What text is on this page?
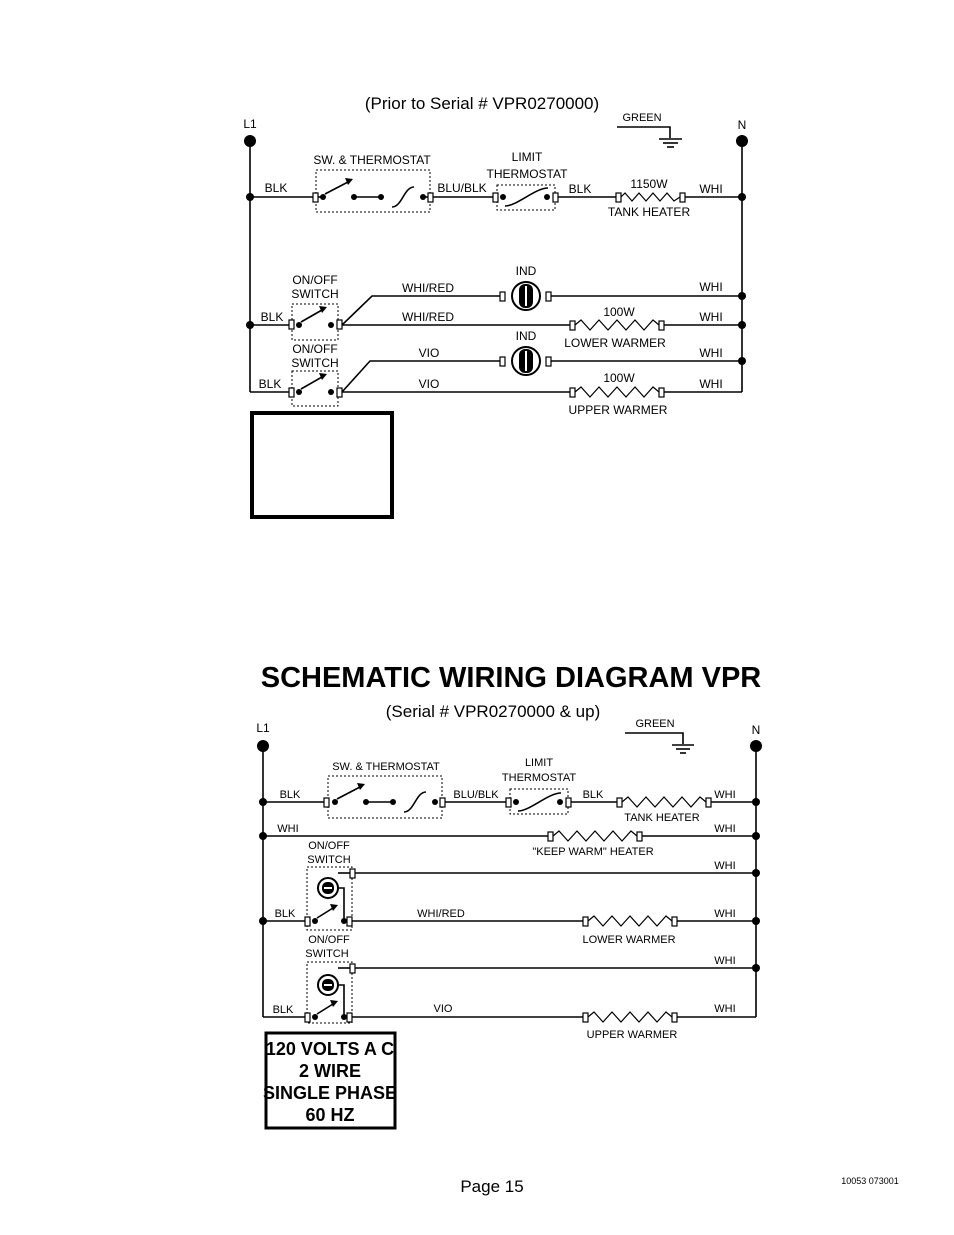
(Prior to Serial # VPR0270000)
L1	N
GREEN
BLK
SW. & THERMOSTAT
BLU/BLK
LIMIT
THERMOSTAT
BLK	1150W
TANK HEATER
WHI
ON/OFF
SWITCH
BLK
WHI/RED
IND
WHI
WHI/RED	100W
LOWER WARMER
WHI
ON/OFF
SWITCH
BLK
VIO
IND
WHI
VIO	100W
UPPER WARMER
WHI
SCHEMATIC WIRING DIAGRAM VPR
(Serial # VPR0270000 & up)
L1	N
GREEN
BLK
SW. & THERMOSTAT
BLU/BLK
LIMIT
THERMOSTAT
BLK
TANK HEATER
WHI
WHI
"KEEP WARM" HEATER
WHI
ON/OFF
SWITCH	WHI
BLK	WHI/RED
LOWER WARMER
WHI
ON/OFF
SWITCH
WHI
BLK	VIO
UPPER WARMER
WHI
120 VOLTS A C
2 WIRE
SINGLE PHASE
60 HZ
Page 15	10053 073001
